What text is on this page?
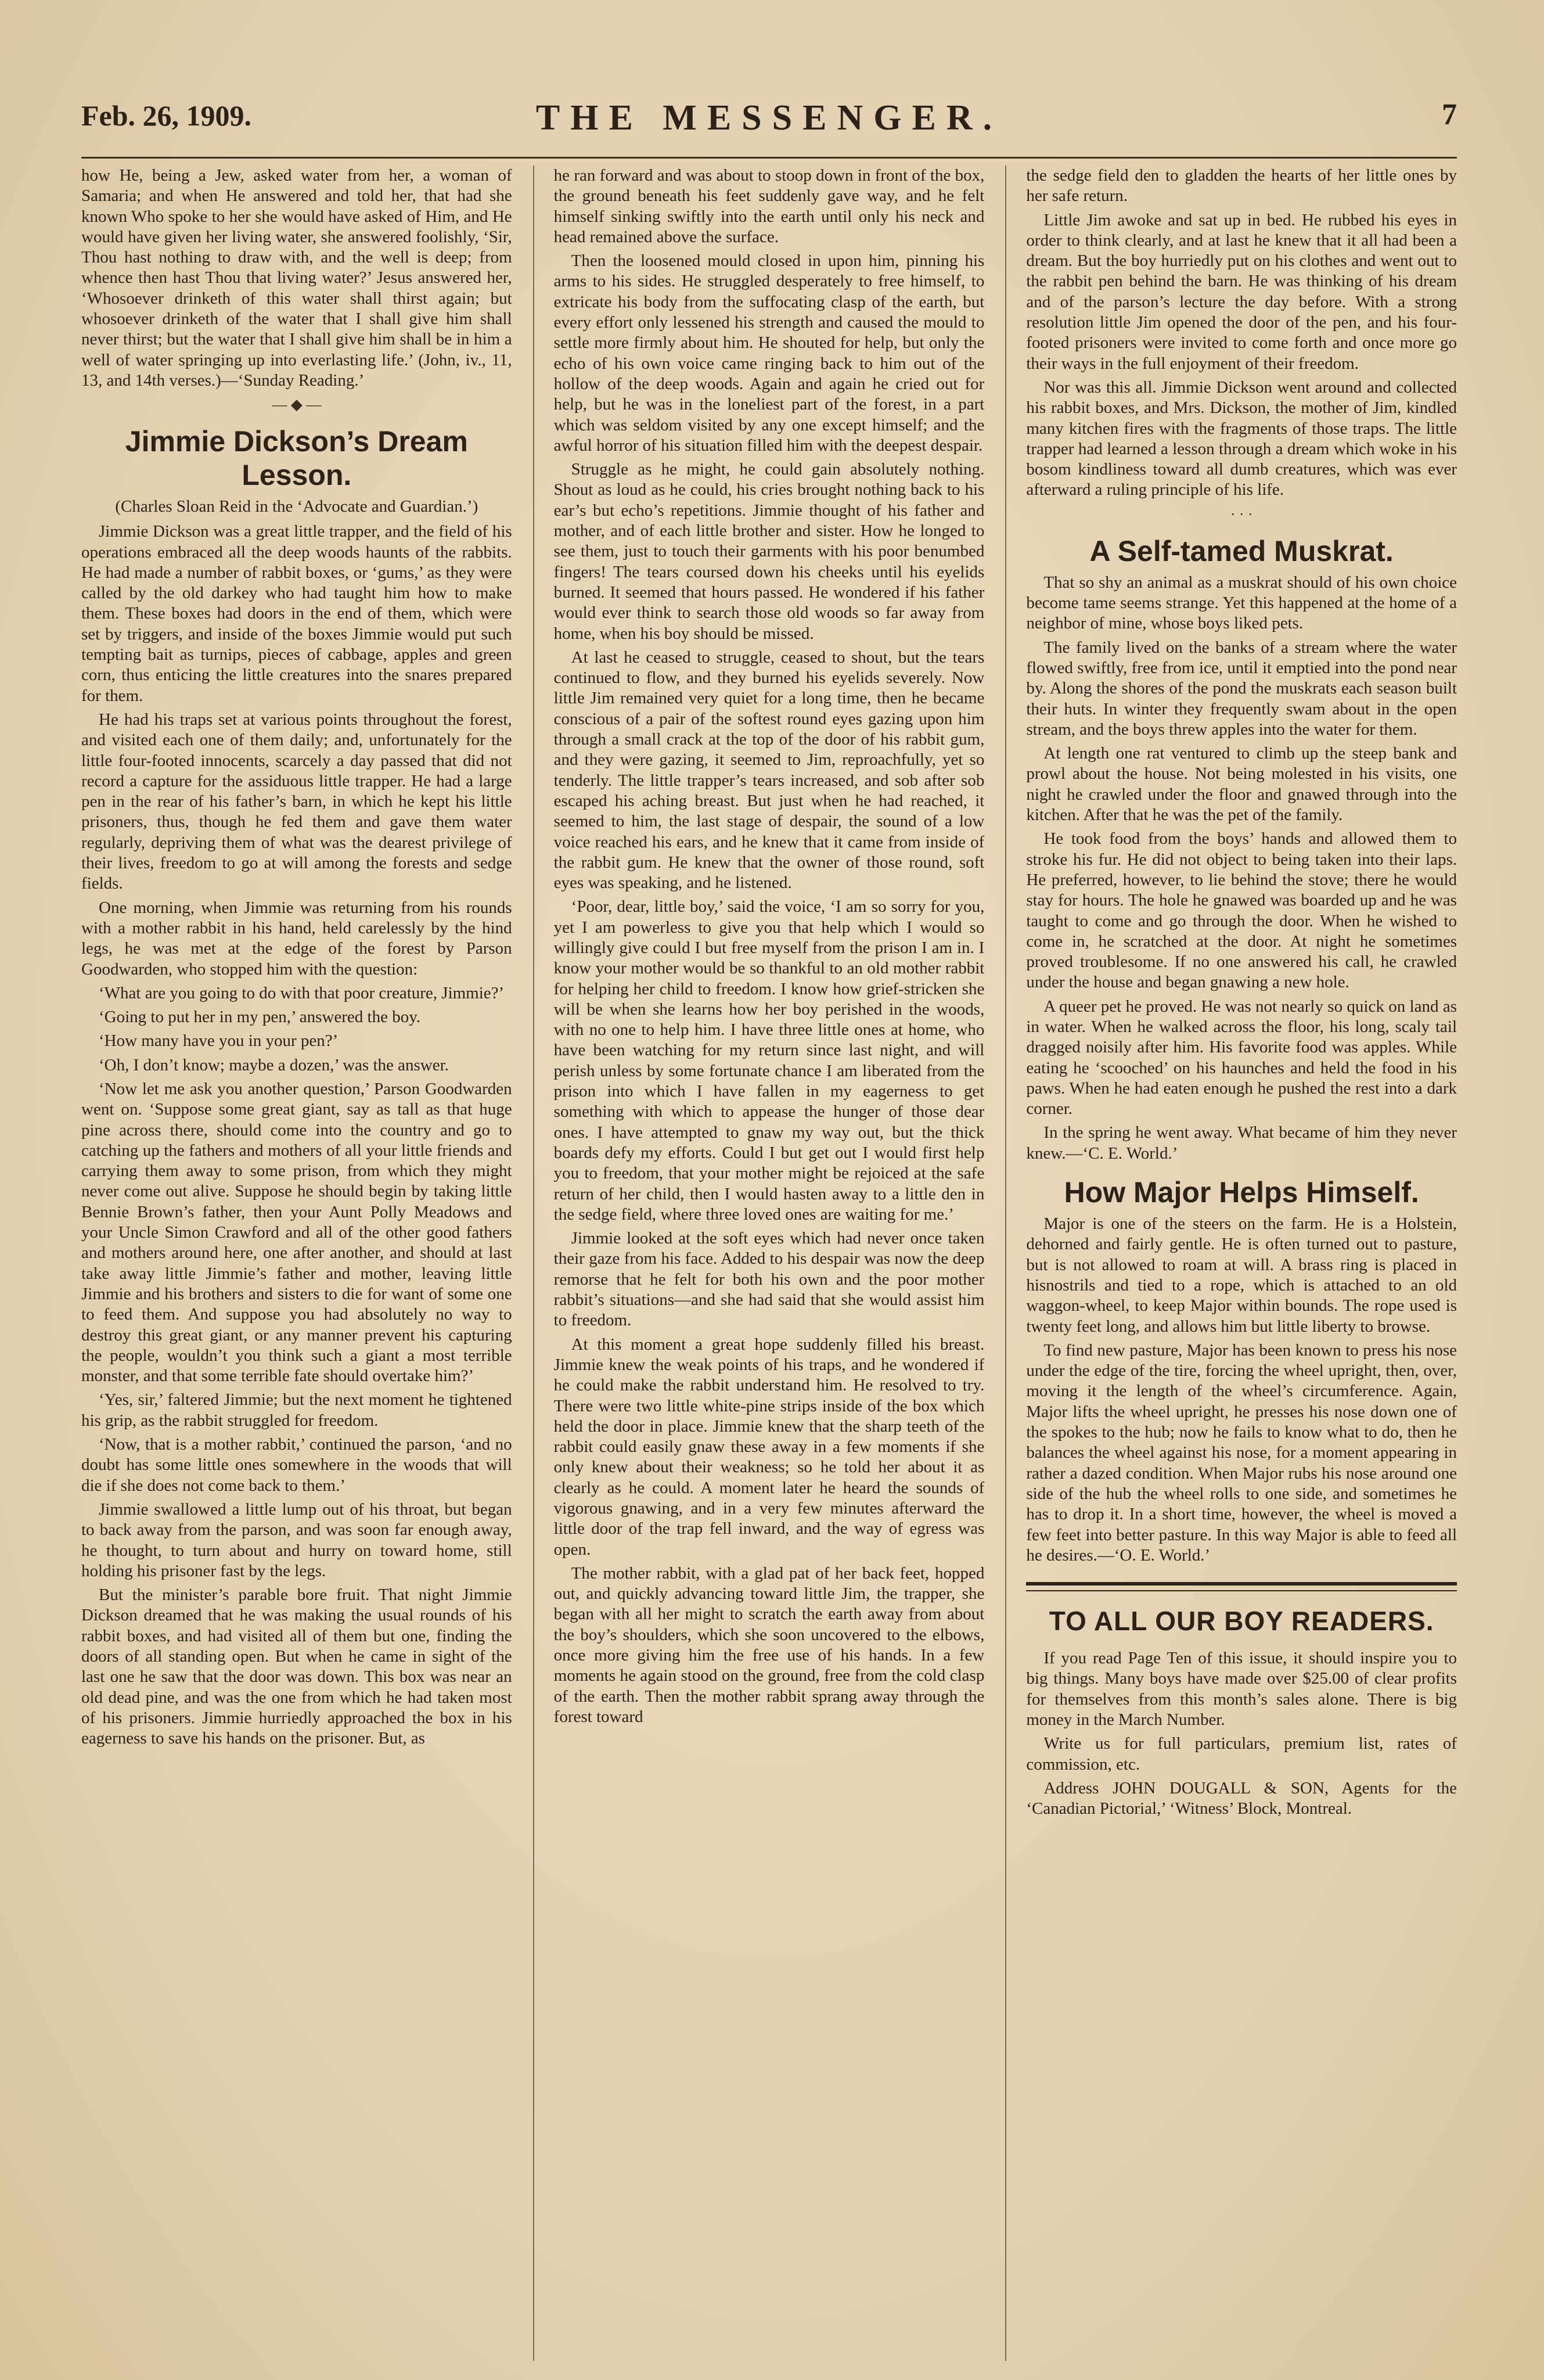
Feb. 26, 1909.	THE MESSENGER.	7

how He, being a Jew, asked water from her, a woman of Samaria; and when He answered and told her, that had she known Who spoke to her she would have asked of Him, and He would have given her living water, she answered foolishly, ‘Sir, Thou hast nothing to draw with, and the well is deep; from whence then hast Thou that living water?’ Jesus answered her, ‘Whosoever drinketh of this water shall thirst again; but whosoever drinketh of the water that I shall give him shall never thirst; but the water that I shall give him shall be in him a well of water springing up into everlasting life.’ (John, iv., 11, 13, and 14th verses.)—‘Sunday Reading.’

— ◆ —
Jimmie Dickson’s Dream Lesson.
(Charles Sloan Reid in the ‘Advocate and Guardian.’)

Jimmie Dickson was a great little trapper, and the field of his operations embraced all the deep woods haunts of the rabbits. He had made a number of rabbit boxes, or ‘gums,’ as they were called by the old darkey who had taught him how to make them. These boxes had doors in the end of them, which were set by triggers, and inside of the boxes Jimmie would put such tempting bait as turnips, pieces of cabbage, apples and green corn, thus enticing the little creatures into the snares prepared for them.

He had his traps set at various points throughout the forest, and visited each one of them daily; and, unfortunately for the little four-footed innocents, scarcely a day passed that did not record a capture for the assiduous little trapper. He had a large pen in the rear of his father’s barn, in which he kept his little prisoners, thus, though he fed them and gave them water regularly, depriving them of what was the dearest privilege of their lives, freedom to go at will among the forests and sedge fields.

One morning, when Jimmie was returning from his rounds with a mother rabbit in his hand, held carelessly by the hind legs, he was met at the edge of the forest by Parson Goodwarden, who stopped him with the question:

‘What are you going to do with that poor creature, Jimmie?’

‘Going to put her in my pen,’ answered the boy.

‘How many have you in your pen?’

‘Oh, I don’t know; maybe a dozen,’ was the answer.

‘Now let me ask you another question,’ Parson Goodwarden went on. ‘Suppose some great giant, say as tall as that huge pine across there, should come into the country and go to catching up the fathers and mothers of all your little friends and carrying them away to some prison, from which they might never come out alive. Suppose he should begin by taking little Bennie Brown’s father, then your Aunt Polly Meadows and your Uncle Simon Crawford and all of the other good fathers and mothers around here, one after another, and should at last take away little Jimmie’s father and mother, leaving little Jimmie and his brothers and sisters to die for want of some one to feed them. And suppose you had absolutely no way to destroy this great giant, or any manner prevent his capturing the people, wouldn’t you think such a giant a most terrible monster, and that some terrible fate should overtake him?’

‘Yes, sir,’ faltered Jimmie; but the next moment he tightened his grip, as the rabbit struggled for freedom.

‘Now, that is a mother rabbit,’ continued the parson, ‘and no doubt has some little ones somewhere in the woods that will die if she does not come back to them.’

Jimmie swallowed a little lump out of his throat, but began to back away from the parson, and was soon far enough away, he thought, to turn about and hurry on toward home, still holding his prisoner fast by the legs.

But the minister’s parable bore fruit. That night Jimmie Dickson dreamed that he was making the usual rounds of his rabbit boxes, and had visited all of them but one, finding the doors of all standing open. But when he came in sight of the last one he saw that the door was down. This box was near an old dead pine, and was the one from which he had taken most of his prisoners. Jimmie hurriedly approached the box in his eagerness to save his hands on the prisoner. But, as

he ran forward and was about to stoop down in front of the box, the ground beneath his feet suddenly gave way, and he felt himself sinking swiftly into the earth until only his neck and head remained above the surface.

Then the loosened mould closed in upon him, pinning his arms to his sides. He struggled desperately to free himself, to extricate his body from the suffocating clasp of the earth, but every effort only lessened his strength and caused the mould to settle more firmly about him. He shouted for help, but only the echo of his own voice came ringing back to him out of the hollow of the deep woods. Again and again he cried out for help, but he was in the loneliest part of the forest, in a part which was seldom visited by any one except himself; and the awful horror of his situation filled him with the deepest despair.

Struggle as he might, he could gain absolutely nothing. Shout as loud as he could, his cries brought nothing back to his ear’s but echo’s repetitions. Jimmie thought of his father and mother, and of each little brother and sister. How he longed to see them, just to touch their garments with his poor benumbed fingers! The tears coursed down his cheeks until his eyelids burned. It seemed that hours passed. He wondered if his father would ever think to search those old woods so far away from home, when his boy should be missed.

At last he ceased to struggle, ceased to shout, but the tears continued to flow, and they burned his eyelids severely. Now little Jim remained very quiet for a long time, then he became conscious of a pair of the softest round eyes gazing upon him through a small crack at the top of the door of his rabbit gum, and they were gazing, it seemed to Jim, reproachfully, yet so tenderly. The little trapper’s tears increased, and sob after sob escaped his aching breast. But just when he had reached, it seemed to him, the last stage of despair, the sound of a low voice reached his ears, and he knew that it came from inside of the rabbit gum. He knew that the owner of those round, soft eyes was speaking, and he listened.

‘Poor, dear, little boy,’ said the voice, ‘I am so sorry for you, yet I am powerless to give you that help which I would so willingly give could I but free myself from the prison I am in. I know your mother would be so thankful to an old mother rabbit for helping her child to freedom. I know how grief-stricken she will be when she learns how her boy perished in the woods, with no one to help him. I have three little ones at home, who have been watching for my return since last night, and will perish unless by some fortunate chance I am liberated from the prison into which I have fallen in my eagerness to get something with which to appease the hunger of those dear ones. I have attempted to gnaw my way out, but the thick boards defy my efforts. Could I but get out I would first help you to freedom, that your mother might be rejoiced at the safe return of her child, then I would hasten away to a little den in the sedge field, where three loved ones are waiting for me.’

Jimmie looked at the soft eyes which had never once taken their gaze from his face. Added to his despair was now the deep remorse that he felt for both his own and the poor mother rabbit’s situations—and she had said that she would assist him to freedom.

At this moment a great hope suddenly filled his breast. Jimmie knew the weak points of his traps, and he wondered if he could make the rabbit understand him. He resolved to try. There were two little white-pine strips inside of the box which held the door in place. Jimmie knew that the sharp teeth of the rabbit could easily gnaw these away in a few moments if she only knew about their weakness; so he told her about it as clearly as he could. A moment later he heard the sounds of vigorous gnawing, and in a very few minutes afterward the little door of the trap fell inward, and the way of egress was open.

The mother rabbit, with a glad pat of her back feet, hopped out, and quickly advancing toward little Jim, the trapper, she began with all her might to scratch the earth away from about the boy’s shoulders, which she soon uncovered to the elbows, once more giving him the free use of his hands. In a few moments he again stood on the ground, free from the cold clasp of the earth. Then the mother rabbit sprang away through the forest toward

the sedge field den to gladden the hearts of her little ones by her safe return.

Little Jim awoke and sat up in bed. He rubbed his eyes in order to think clearly, and at last he knew that it all had been a dream. But the boy hurriedly put on his clothes and went out to the rabbit pen behind the barn. He was thinking of his dream and of the parson’s lecture the day before. With a strong resolution little Jim opened the door of the pen, and his four-footed prisoners were invited to come forth and once more go their ways in the full enjoyment of their freedom.

Nor was this all. Jimmie Dickson went around and collected his rabbit boxes, and Mrs. Dickson, the mother of Jim, kindled many kitchen fires with the fragments of those traps. The little trapper had learned a lesson through a dream which woke in his bosom kindliness toward all dumb creatures, which was ever afterward a ruling principle of his life.

· · ·
A Self-tamed Muskrat.

That so shy an animal as a muskrat should of his own choice become tame seems strange. Yet this happened at the home of a neighbor of mine, whose boys liked pets.

The family lived on the banks of a stream where the water flowed swiftly, free from ice, until it emptied into the pond near by. Along the shores of the pond the muskrats each season built their huts. In winter they frequently swam about in the open stream, and the boys threw apples into the water for them.

At length one rat ventured to climb up the steep bank and prowl about the house. Not being molested in his visits, one night he crawled under the floor and gnawed through into the kitchen. After that he was the pet of the family.

He took food from the boys’ hands and allowed them to stroke his fur. He did not object to being taken into their laps. He preferred, however, to lie behind the stove; there he would stay for hours. The hole he gnawed was boarded up and he was taught to come and go through the door. When he wished to come in, he scratched at the door. At night he sometimes proved troublesome. If no one answered his call, he crawled under the house and began gnawing a new hole.

A queer pet he proved. He was not nearly so quick on land as in water. When he walked across the floor, his long, scaly tail dragged noisily after him. His favorite food was apples. While eating he ‘scooched’ on his haunches and held the food in his paws. When he had eaten enough he pushed the rest into a dark corner.

In the spring he went away. What became of him they never knew.—‘C. E. World.’

How Major Helps Himself.

Major is one of the steers on the farm. He is a Holstein, dehorned and fairly gentle. He is often turned out to pasture, but is not allowed to roam at will. A brass ring is placed in hisnostrils and tied to a rope, which is attached to an old waggon-wheel, to keep Major within bounds. The rope used is twenty feet long, and allows him but little liberty to browse.

To find new pasture, Major has been known to press his nose under the edge of the tire, forcing the wheel upright, then, over, moving it the length of the wheel’s circumference. Again, Major lifts the wheel upright, he presses his nose down one of the spokes to the hub; now he fails to know what to do, then he balances the wheel against his nose, for a moment appearing in rather a dazed condition. When Major rubs his nose around one side of the hub the wheel rolls to one side, and sometimes he has to drop it. In a short time, however, the wheel is moved a few feet into better pasture. In this way Major is able to feed all he desires.—‘O. E. World.’

TO ALL OUR BOY READERS.

If you read Page Ten of this issue, it should inspire you to big things. Many boys have made over $25.00 of clear profits for themselves from this month’s sales alone. There is big money in the March Number.

Write us for full particulars, premium list, rates of commission, etc.

Address JOHN DOUGALL & SON, Agents for the ‘Canadian Pictorial,’ ‘Witness’ Block, Montreal.
